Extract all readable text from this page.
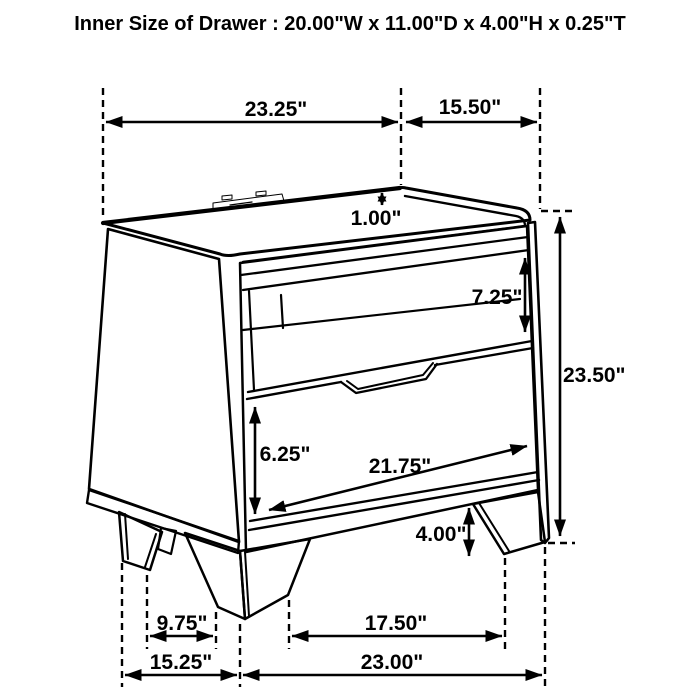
Inner Size of Drawer : 20.00"W x 11.00"D x 4.00"H x 0.25"T
23.25"	15.50"
1.00"
7.25"
23.50"
6.25"
21.75"
4.00"
9.75"	17.50"
15.25"	23.00"
